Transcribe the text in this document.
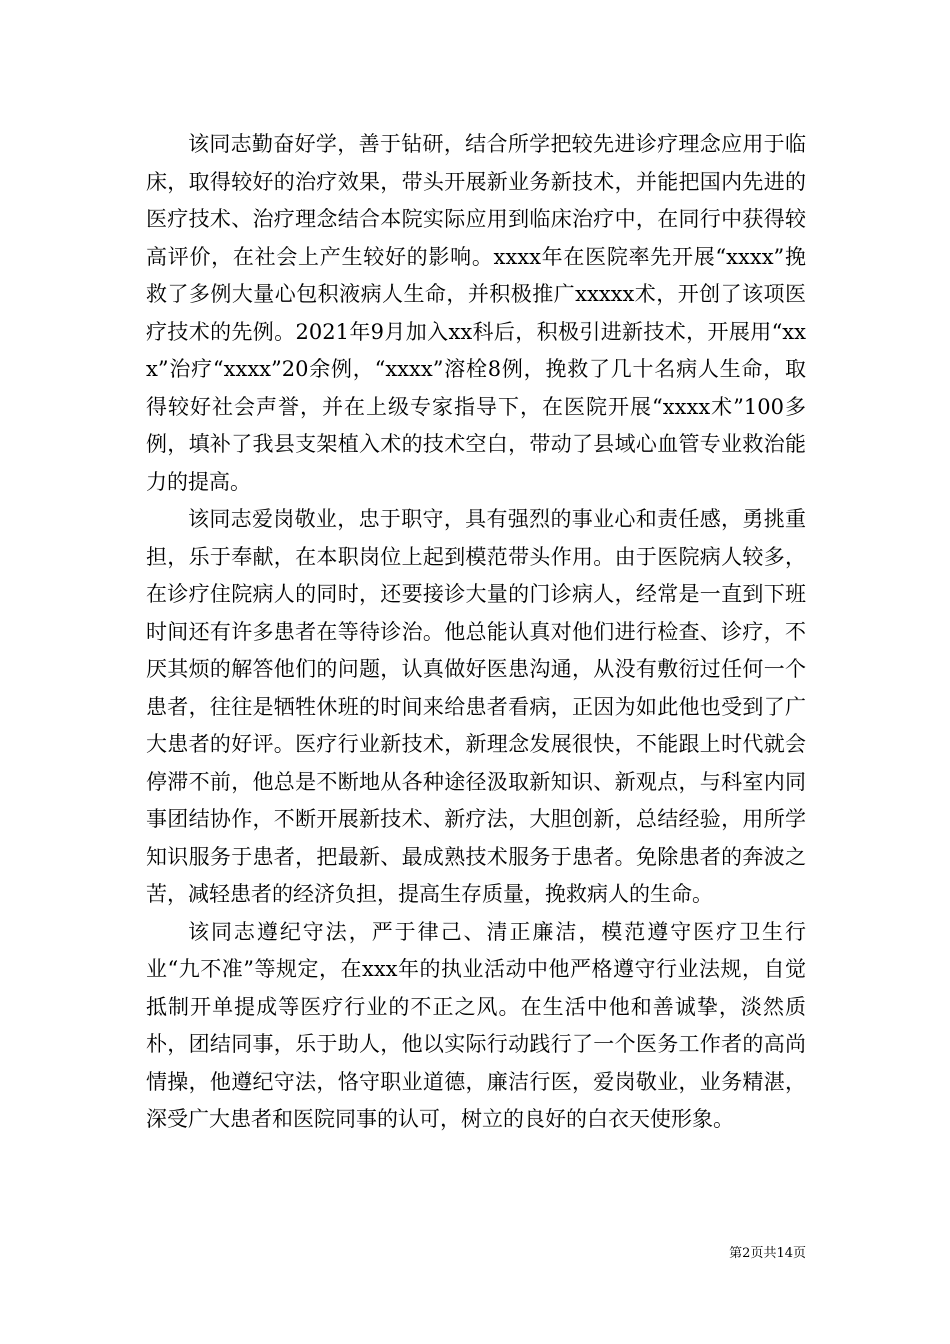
该同志勤奋好学，善于钻研，结合所学把较先进诊疗理念应用于临床，取得较好的治疗效果，带头开展新业务新技术，并能把国内先进的医疗技术、治疗理念结合本院实际应用到临床治疗中，在同行中获得较高评价，在社会上产生较好的影响。xxxx年在医院率先开展“xxxx”挽救了多例大量心包积液病人生命，并积极推广xxxxx术，开创了该项医疗技术的先例。2021年9月加入xx科后，积极引进新技术，开展用“xxx”治疗“xxxx”20余例，“xxxx”溶栓8例，挽救了几十名病人生命，取得较好社会声誉，并在上级专家指导下，在医院开展“xxxx术”100多例，填补了我县支架植入术的技术空白，带动了县域心血管专业救治能力的提高。

该同志爱岗敬业，忠于职守，具有强烈的事业心和责任感，勇挑重担，乐于奉献，在本职岗位上起到模范带头作用。由于医院病人较多，在诊疗住院病人的同时，还要接诊大量的门诊病人，经常是一直到下班时间还有许多患者在等待诊治。他总能认真对他们进行检查、诊疗，不厌其烦的解答他们的问题，认真做好医患沟通，从没有敷衍过任何一个患者，往往是牺牲休班的时间来给患者看病，正因为如此他也受到了广大患者的好评。医疗行业新技术，新理念发展很快，不能跟上时代就会停滞不前，他总是不断地从各种途径汲取新知识、新观点，与科室内同事团结协作，不断开展新技术、新疗法，大胆创新，总结经验，用所学知识服务于患者，把最新、最成熟技术服务于患者。免除患者的奔波之苦，减轻患者的经济负担，提高生存质量，挽救病人的生命。

该同志遵纪守法，严于律己、清正廉洁，模范遵守医疗卫生行业“九不准”等规定，在xxx年的执业活动中他严格遵守行业法规，自觉抵制开单提成等医疗行业的不正之风。在生活中他和善诚挚，淡然质朴，团结同事，乐于助人，他以实际行动践行了一个医务工作者的高尚情操，他遵纪守法，恪守职业道德，廉洁行医，爱岗敬业，业务精湛，深受广大患者和医院同事的认可，树立的良好的白衣天使形象。

第2页共14页
